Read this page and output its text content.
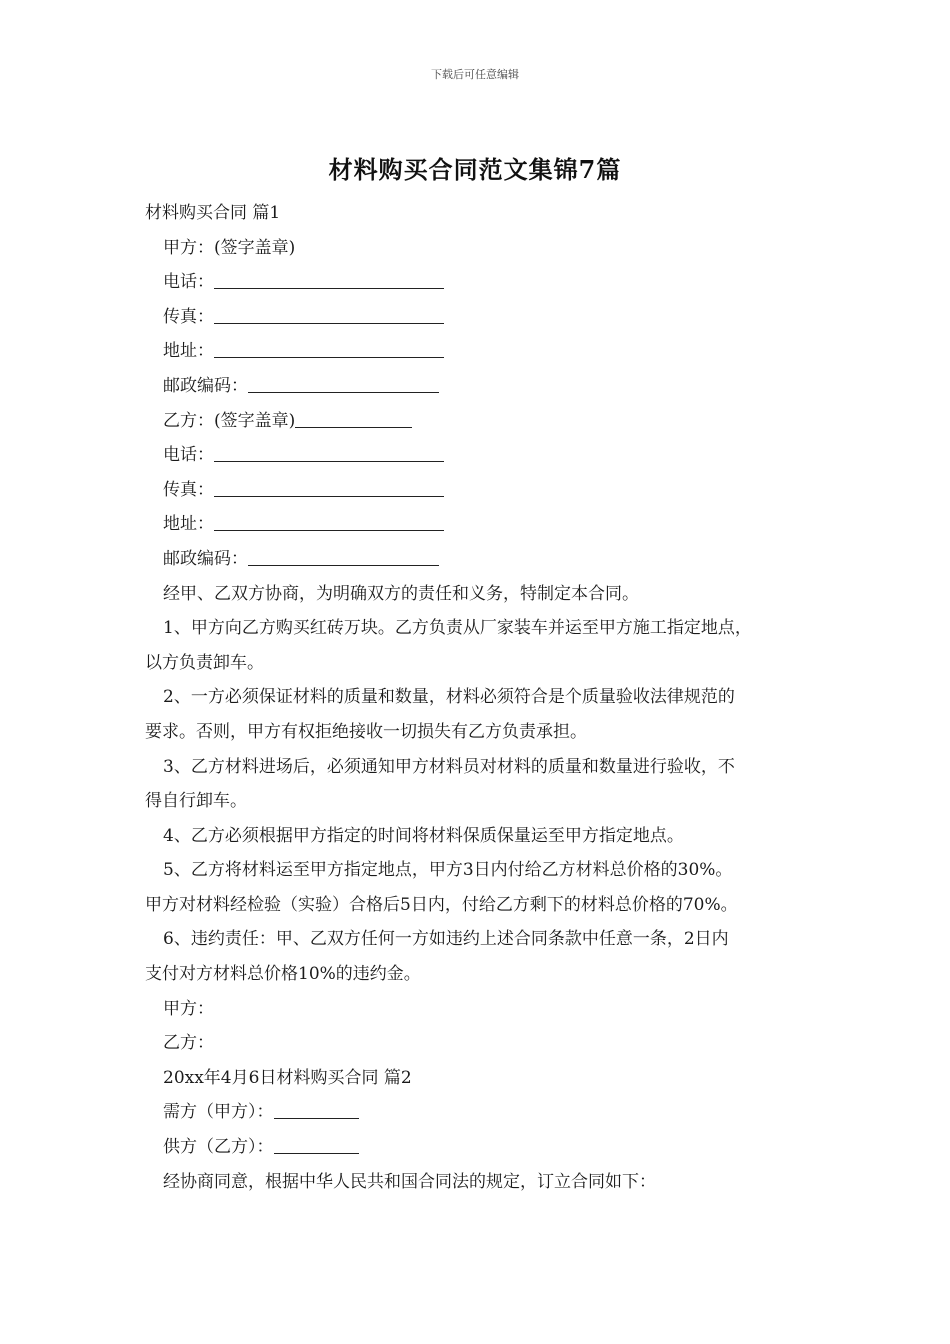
下载后可任意编辑
材料购买合同范文集锦7篇
材料购买合同 篇1
甲方：(签字盖章)
电话：
传真：
地址：
邮政编码：
乙方：(签字盖章)
电话：
传真：
地址：
邮政编码：
经甲、乙双方协商，为明确双方的责任和义务，特制定本合同。
1、甲方向乙方购买红砖万块。乙方负责从厂家装车并运至甲方施工指定地点，
以方负责卸车。
2、一方必须保证材料的质量和数量，材料必须符合是个质量验收法律规范的
要求。否则，甲方有权拒绝接收一切损失有乙方负责承担。
3、乙方材料进场后，必须通知甲方材料员对材料的质量和数量进行验收，不
得自行卸车。
4、乙方必须根据甲方指定的时间将材料保质保量运至甲方指定地点。
5、乙方将材料运至甲方指定地点，甲方3日内付给乙方材料总价格的30%。
甲方对材料经检验（实验）合格后5日内，付给乙方剩下的材料总价格的70%。
6、违约责任：甲、乙双方任何一方如违约上述合同条款中任意一条，2日内
支付对方材料总价格10%的违约金。
甲方：
乙方：
20xx年4月6日材料购买合同 篇2
需方（甲方）：
供方（乙方）：
经协商同意，根据中华人民共和国合同法的规定，订立合同如下：
